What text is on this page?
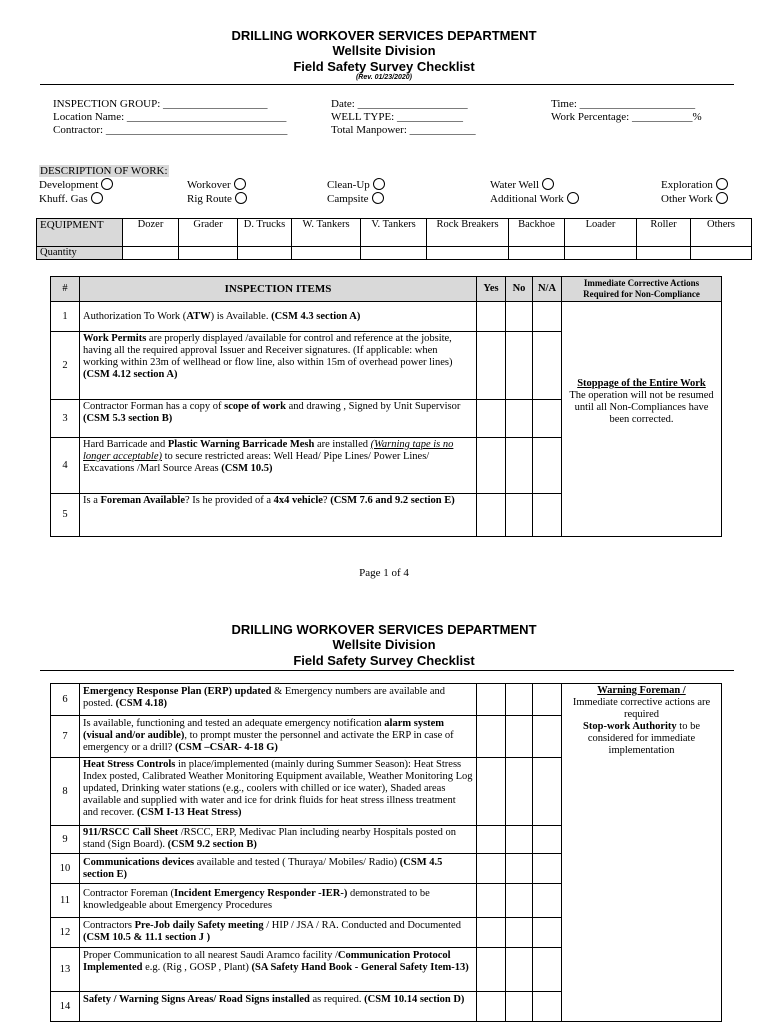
DRILLING WORKOVER SERVICES DEPARTMENT
Wellsite Division
Field Safety Survey Checklist
(Rev. 01/23/2020)
INSPECTION GROUP: ___________________
Location Name: _____________________________
Contractor: _________________________________
Date: ____________________
WELL TYPE: ____________
Total Manpower: ____________
Time: _____________________
Work Percentage: ___________%
DESCRIPTION OF WORK:
Development
Khuff. Gas
Workover
Rig Route
Clean-Up
Campsite
Water Well
Additional Work
Exploration
Other Work
EQUIPMENT	Dozer	Grader	D. Trucks	W. Tankers	V. Tankers	Rock Breakers	Backhoe	Loader	Roller	Others
Quantity										
#	INSPECTION ITEMS	Yes	No	N/A	Immediate Corrective Actions Required for Non-Compliance
1	Authorization To Work (ATW) is Available. (CSM 4.3 section A)				Stoppage of the Entire Work
The operation will not be resumed until all Non-Compliances have been corrected.

2	Work Permits are properly displayed /available for control and reference at the jobsite, having all the required approval Issuer and Receiver signatures. (If applicable: when working within 23m of wellhead or flow line, also within 15m of overhead power lines) (CSM 4.12 section A)				
3	Contractor Forman has a copy of scope of work and drawing , Signed by Unit Supervisor (CSM 5.3 section B)				
4	Hard Barricade and Plastic Warning Barricade Mesh are installed (Warning tape is no longer acceptable) to secure restricted areas: Well Head/ Pipe Lines/ Power Lines/ Excavations /Marl Source Areas (CSM 10.5)				
5	Is a Foreman Available? Is he provided of a 4x4 vehicle? (CSM 7.6 and 9.2 section E)				
Page 1 of 4
DRILLING WORKOVER SERVICES DEPARTMENT
Wellsite Division
Field Safety Survey Checklist
6	Emergency Response Plan (ERP) updated & Emergency numbers are available and posted. (CSM 4.18)				Warning Foreman /
Immediate corrective actions are required
Stop-work Authority to be considered for immediate implementation

7	Is available, functioning and tested an adequate emergency notification alarm system (visual and/or audible), to prompt muster the personnel and activate the ERP in case of emergency or a drill? (CSM –CSAR- 4-18 G)				
8	Heat Stress Controls in place/implemented (mainly during Summer Season): Heat Stress Index posted, Calibrated Weather Monitoring Equipment available, Weather Monitoring Log updated, Drinking water stations (e.g., coolers with chilled or ice water), Shaded areas available and supplied with water and ice for drink fluids for heat stress illness treatment and recover. (CSM I-13 Heat Stress)				
9	911/RSCC Call Sheet /RSCC, ERP, Medivac Plan including nearby Hospitals posted on stand (Sign Board). (CSM 9.2 section B)				
10	Communications devices available and tested ( Thuraya/ Mobiles/ Radio) (CSM 4.5 section E)				
11	Contractor Foreman (Incident Emergency Responder -IER-) demonstrated to be knowledgeable about Emergency Procedures				
12	Contractors Pre-Job daily Safety meeting / HIP / JSA / RA. Conducted and Documented (CSM 10.5 & 11.1 section J )				
13	Proper Communication to all nearest Saudi Aramco facility /Communication Protocol Implemented e.g. (Rig , GOSP , Plant) (SA Safety Hand Book - General Safety Item-13)				
14	Safety / Warning Signs Areas/ Road Signs installed as required. (CSM 10.14 section D)				
